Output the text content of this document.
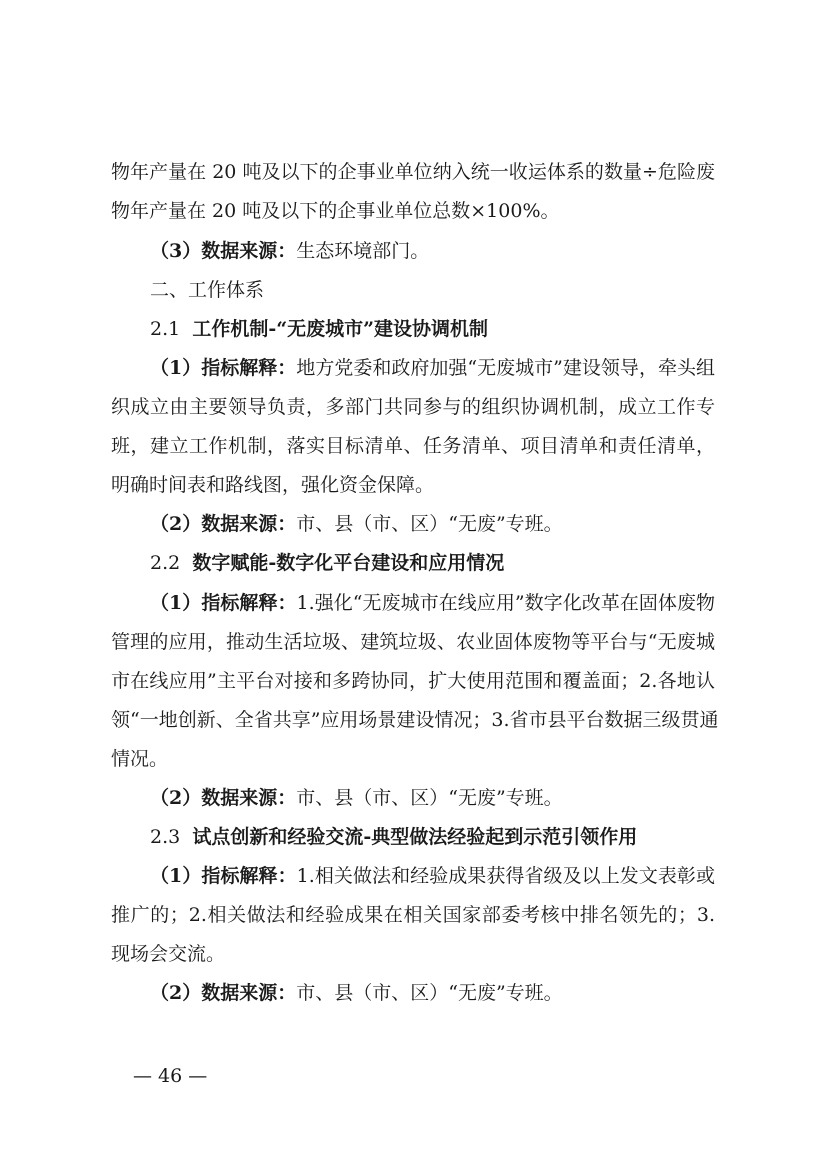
物年产量在 20 吨及以下的企事业单位纳入统一收运体系的数量÷危险废
物年产量在 20 吨及以下的企事业单位总数×100%。
（3）数据来源：生态环境部门。
二、工作体系
2.1 工作机制-“无废城市”建设协调机制
（1）指标解释：地方党委和政府加强“无废城市”建设领导，牵头组
织成立由主要领导负责，多部门共同参与的组织协调机制，成立工作专
班，建立工作机制，落实目标清单、任务清单、项目清单和责任清单，
明确时间表和路线图，强化资金保障。
（2）数据来源：市、县（市、区）“无废”专班。
2.2 数字赋能-数字化平台建设和应用情况
（1）指标解释：1.强化“无废城市在线应用”数字化改革在固体废物
管理的应用，推动生活垃圾、建筑垃圾、农业固体废物等平台与“无废城
市在线应用”主平台对接和多跨协同，扩大使用范围和覆盖面；2.各地认
领“一地创新、全省共享”应用场景建设情况；3.省市县平台数据三级贯通
情况。
（2）数据来源：市、县（市、区）“无废”专班。
2.3 试点创新和经验交流-典型做法经验起到示范引领作用
（1）指标解释：1.相关做法和经验成果获得省级及以上发文表彰或
推广的；2.相关做法和经验成果在相关国家部委考核中排名领先的；3.
现场会交流。
（2）数据来源：市、县（市、区）“无废”专班。
— 46 —
